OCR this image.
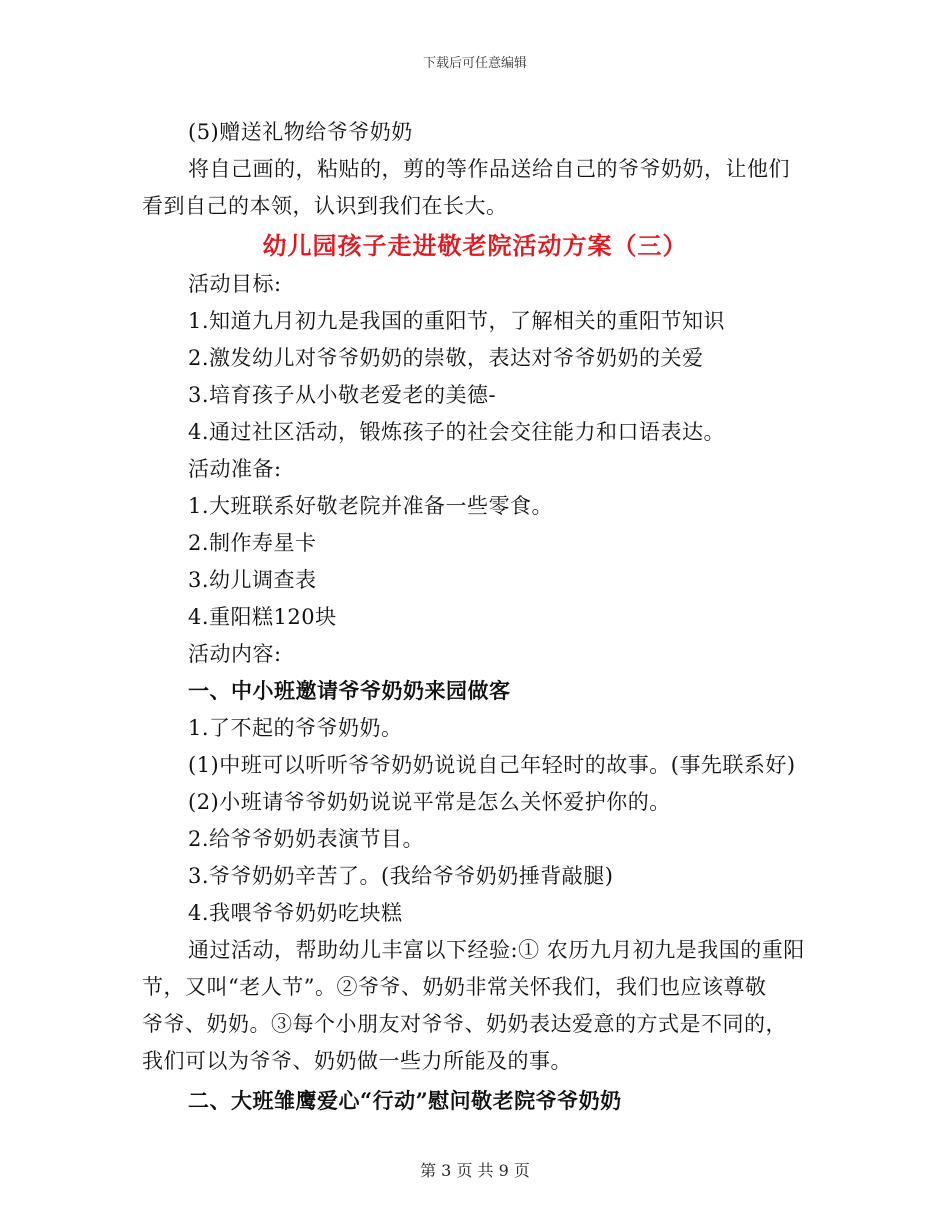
下载后可任意编辑
(5)赠送礼物给爷爷奶奶
将自己画的，粘贴的，剪的等作品送给自己的爷爷奶奶，让他们
看到自己的本领，认识到我们在长大。
幼儿园孩子走进敬老院活动方案（三）
活动目标:
1.知道九月初九是我国的重阳节，了解相关的重阳节知识
2.激发幼儿对爷爷奶奶的崇敬，表达对爷爷奶奶的关爱
3.培育孩子从小敬老爱老的美德-
4.通过社区活动，锻炼孩子的社会交往能力和口语表达。
活动准备:
1.大班联系好敬老院并准备一些零食。
2.制作寿星卡
3.幼儿调查表
4.重阳糕120块
活动内容:
一、中小班邀请爷爷奶奶来园做客
1.了不起的爷爷奶奶。
(1)中班可以听听爷爷奶奶说说自己年轻时的故事。(事先联系好)
(2)小班请爷爷奶奶说说平常是怎么关怀爱护你的。
2.给爷爷奶奶表演节目。
3.爷爷奶奶辛苦了。(我给爷爷奶奶捶背敲腿)
4.我喂爷爷奶奶吃块糕
通过活动，帮助幼儿丰富以下经验:① 农历九月初九是我国的重阳
节，又叫“老人节”。②爷爷、奶奶非常关怀我们，我们也应该尊敬
爷爷、奶奶。③每个小朋友对爷爷、奶奶表达爱意的方式是不同的，
我们可以为爷爷、奶奶做一些力所能及的事。
二、大班雏鹰爱心“行动”慰问敬老院爷爷奶奶
第 3 页 共 9 页
